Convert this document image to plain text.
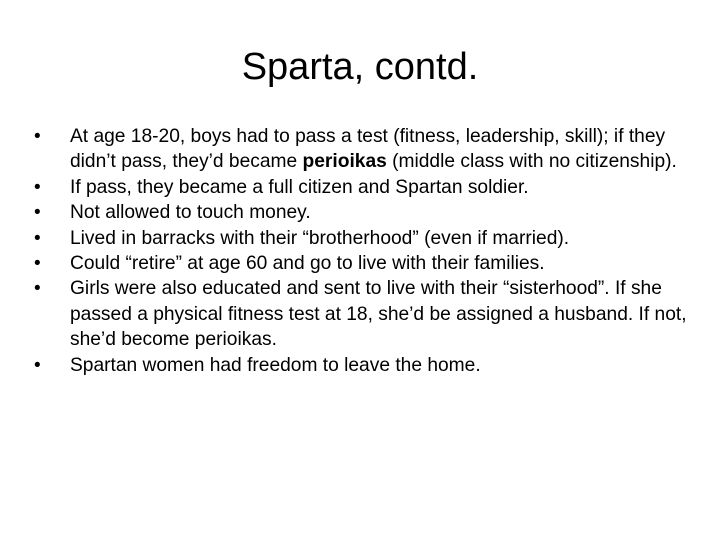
Sparta, contd.
• At age 18-20, boys had to pass a test (fitness, leadership, skill); if they didn’t pass, they’d became perioikas (middle class with no citizenship).
• If pass, they became a full citizen and Spartan soldier.
• Not allowed to touch money.
• Lived in barracks with their “brotherhood” (even if married).
• Could “retire” at age 60 and go to live with their families.
• Girls were also educated and sent to live with their “sisterhood”. If she passed a physical fitness test at 18, she’d be assigned a husband. If not, she’d become perioikas.
• Spartan women had freedom to leave the home.
